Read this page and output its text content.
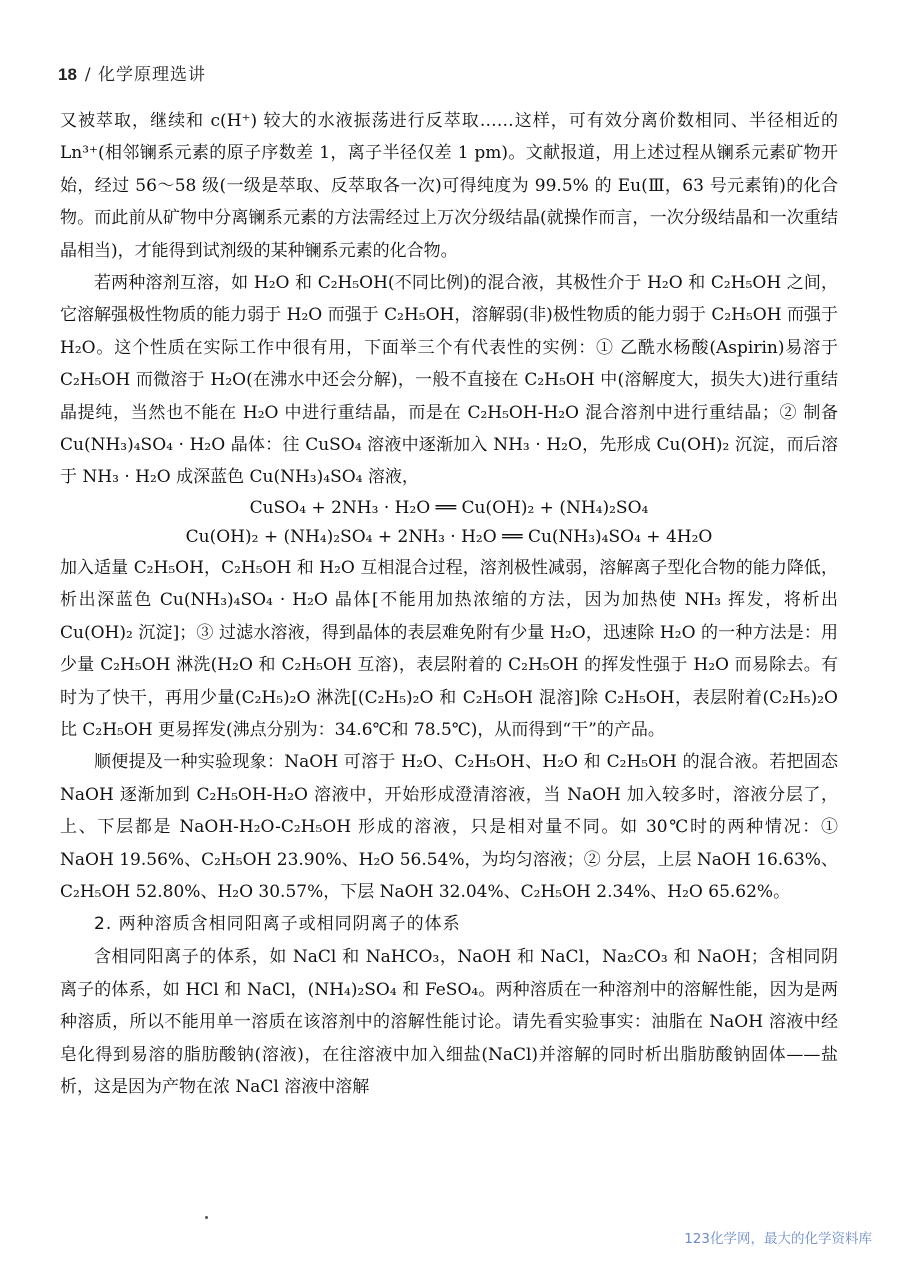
18 / 化学原理选讲

又被萃取，继续和 c(H⁺) 较大的水液振荡进行反萃取……这样，可有效分离价数相同、半径相近的 Ln³⁺(相邻镧系元素的原子序数差 1，离子半径仅差 1 pm)。文献报道，用上述过程从镧系元素矿物开始，经过 56～58 级(一级是萃取、反萃取各一次)可得纯度为 99.5% 的 Eu(Ⅲ，63 号元素铕)的化合物。而此前从矿物中分离镧系元素的方法需经过上万次分级结晶(就操作而言，一次分级结晶和一次重结晶相当)，才能得到试剂级的某种镧系元素的化合物。

若两种溶剂互溶，如 H₂O 和 C₂H₅OH(不同比例)的混合液，其极性介于 H₂O 和 C₂H₅OH 之间，它溶解强极性物质的能力弱于 H₂O 而强于 C₂H₅OH，溶解弱(非)极性物质的能力弱于 C₂H₅OH 而强于 H₂O。这个性质在实际工作中很有用，下面举三个有代表性的实例：① 乙酰水杨酸(Aspirin)易溶于 C₂H₅OH 而微溶于 H₂O(在沸水中还会分解)，一般不直接在 C₂H₅OH 中(溶解度大，损失大)进行重结晶提纯，当然也不能在 H₂O 中进行重结晶，而是在 C₂H₅OH-H₂O 混合溶剂中进行重结晶；② 制备 Cu(NH₃)₄SO₄ · H₂O 晶体：往 CuSO₄ 溶液中逐渐加入 NH₃ · H₂O，先形成 Cu(OH)₂ 沉淀，而后溶于 NH₃ · H₂O 成深蓝色 Cu(NH₃)₄SO₄ 溶液，

CuSO₄ + 2NH₃ · H₂O ══ Cu(OH)₂ + (NH₄)₂SO₄

Cu(OH)₂ + (NH₄)₂SO₄ + 2NH₃ · H₂O ══ Cu(NH₃)₄SO₄ + 4H₂O

加入适量 C₂H₅OH，C₂H₅OH 和 H₂O 互相混合过程，溶剂极性减弱，溶解离子型化合物的能力降低，析出深蓝色 Cu(NH₃)₄SO₄ · H₂O 晶体[不能用加热浓缩的方法，因为加热使 NH₃ 挥发，将析出 Cu(OH)₂ 沉淀]；③ 过滤水溶液，得到晶体的表层难免附有少量 H₂O，迅速除 H₂O 的一种方法是：用少量 C₂H₅OH 淋洗(H₂O 和 C₂H₅OH 互溶)，表层附着的 C₂H₅OH 的挥发性强于 H₂O 而易除去。有时为了快干，再用少量(C₂H₅)₂O 淋洗[(C₂H₅)₂O 和 C₂H₅OH 混溶]除 C₂H₅OH，表层附着(C₂H₅)₂O 比 C₂H₅OH 更易挥发(沸点分别为：34.6℃和 78.5℃)，从而得到“干”的产品。

顺便提及一种实验现象：NaOH 可溶于 H₂O、C₂H₅OH、H₂O 和 C₂H₅OH 的混合液。若把固态 NaOH 逐渐加到 C₂H₅OH-H₂O 溶液中，开始形成澄清溶液，当 NaOH 加入较多时，溶液分层了，上、下层都是 NaOH-H₂O-C₂H₅OH 形成的溶液，只是相对量不同。如 30℃时的两种情况：① NaOH 19.56%、C₂H₅OH 23.90%、H₂O 56.54%，为均匀溶液；② 分层，上层 NaOH 16.63%、C₂H₅OH 52.80%、H₂O 30.57%，下层 NaOH 32.04%、C₂H₅OH 2.34%、H₂O 65.62%。

2. 两种溶质含相同阳离子或相同阴离子的体系

含相同阳离子的体系，如 NaCl 和 NaHCO₃，NaOH 和 NaCl，Na₂CO₃ 和 NaOH；含相同阴离子的体系，如 HCl 和 NaCl，(NH₄)₂SO₄ 和 FeSO₄。两种溶质在一种溶剂中的溶解性能，因为是两种溶质，所以不能用单一溶质在该溶剂中的溶解性能讨论。请先看实验事实：油脂在 NaOH 溶液中经皂化得到易溶的脂肪酸钠(溶液)，在往溶液中加入细盐(NaCl)并溶解的同时析出脂肪酸钠固体——盐析，这是因为产物在浓 NaCl 溶液中溶解

123化学网，最大的化学资料库
